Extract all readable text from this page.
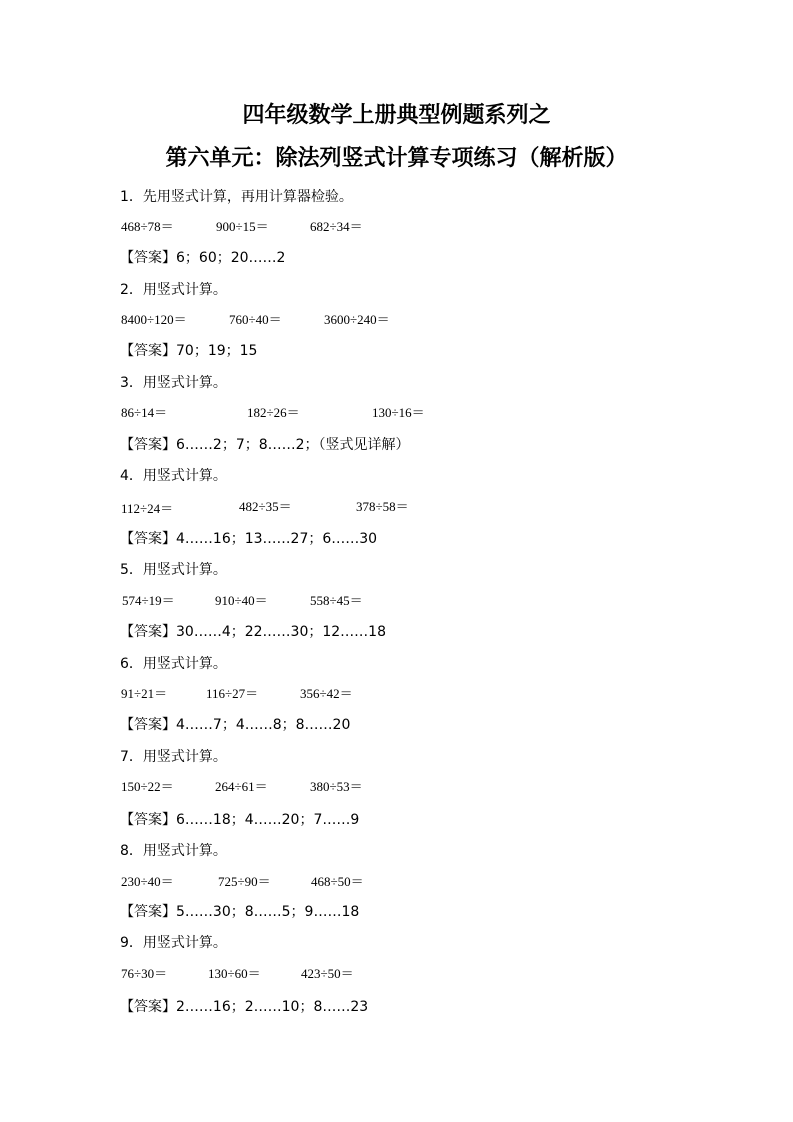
四年级数学上册典型例题系列之
第六单元：除法列竖式计算专项练习（解析版）
1．先用竖式计算，再用计算器检验。
468÷78＝	900÷15＝	682÷34＝
【答案】6；60；20……2
2．用竖式计算。
8400÷120＝	760÷40＝	3600÷240＝
【答案】70；19；15
3．用竖式计算。
86÷14＝	182÷26＝	130÷16＝
【答案】6……2；7；8……2；（竖式见详解）
4．用竖式计算。
112÷24＝	482÷35＝	378÷58＝
【答案】4……16；13……27；6……30
5．用竖式计算。
574÷19＝	910÷40＝	558÷45＝
【答案】30……4；22……30；12……18
6．用竖式计算。
91÷21＝	116÷27＝	356÷42＝
【答案】4……7；4……8；8……20
7．用竖式计算。
150÷22＝	264÷61＝	380÷53＝
【答案】6……18；4……20；7……9
8．用竖式计算。
230÷40＝	725÷90＝	468÷50＝
【答案】5……30；8……5；9……18
9．用竖式计算。
76÷30＝	130÷60＝	423÷50＝
【答案】2……16；2……10；8……23
